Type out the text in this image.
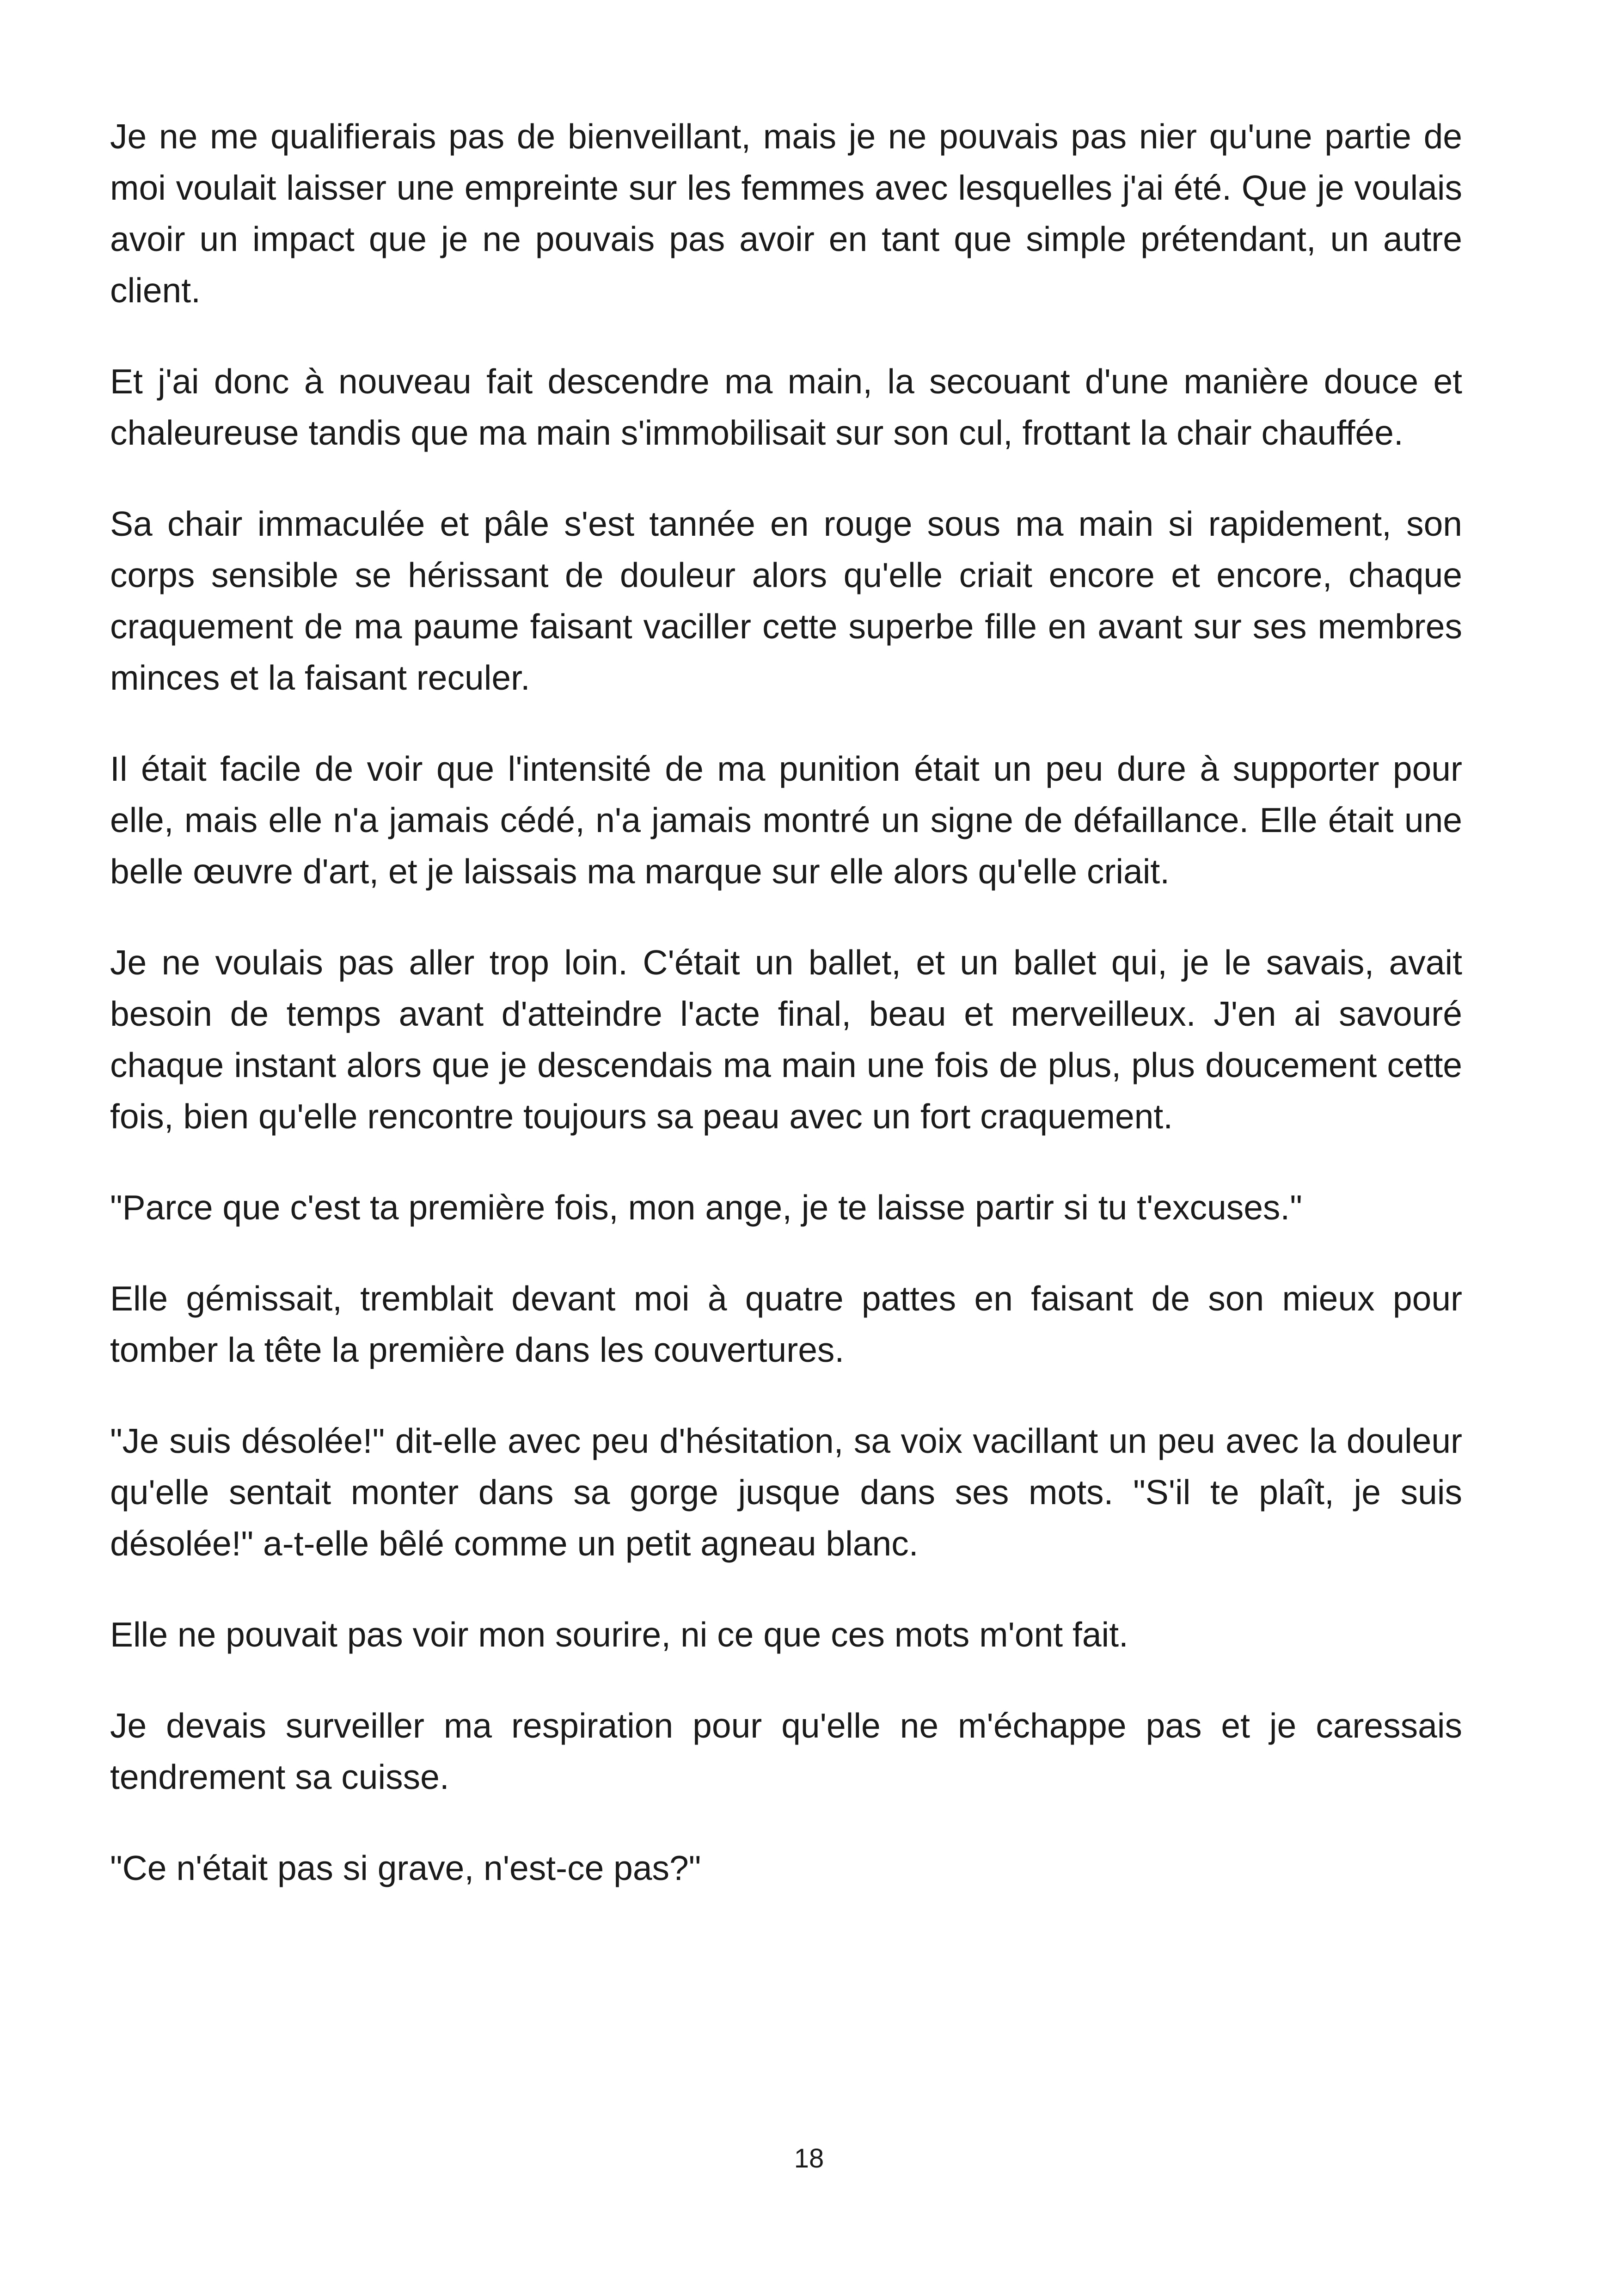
Je ne me qualifierais pas de bienveillant, mais je ne pouvais pas nier qu'une partie de moi voulait laisser une empreinte sur les femmes avec lesquelles j'ai été. Que je voulais avoir un impact que je ne pouvais pas avoir en tant que simple prétendant, un autre client.

Et j'ai donc à nouveau fait descendre ma main, la secouant d'une manière douce et chaleureuse tandis que ma main s'immobilisait sur son cul, frottant la chair chauffée.

Sa chair immaculée et pâle s'est tannée en rouge sous ma main si rapidement, son corps sensible se hérissant de douleur alors qu'elle criait encore et encore, chaque craquement de ma paume faisant vaciller cette superbe fille en avant sur ses membres minces et la faisant reculer.

Il était facile de voir que l'intensité de ma punition était un peu dure à supporter pour elle, mais elle n'a jamais cédé, n'a jamais montré un signe de défaillance. Elle était une belle œuvre d'art, et je laissais ma marque sur elle alors qu'elle criait.

Je ne voulais pas aller trop loin. C'était un ballet, et un ballet qui, je le savais, avait besoin de temps avant d'atteindre l'acte final, beau et merveilleux. J'en ai savouré chaque instant alors que je descendais ma main une fois de plus, plus doucement cette fois, bien qu'elle rencontre toujours sa peau avec un fort craquement.

"Parce que c'est ta première fois, mon ange, je te laisse partir si tu t'excuses."

Elle gémissait, tremblait devant moi à quatre pattes en faisant de son mieux pour tomber la tête la première dans les couvertures.

"Je suis désolée!" dit-elle avec peu d'hésitation, sa voix vacillant un peu avec la douleur qu'elle sentait monter dans sa gorge jusque dans ses mots. "S'il te plaît, je suis désolée!" a-t-elle bêlé comme un petit agneau blanc.

Elle ne pouvait pas voir mon sourire, ni ce que ces mots m'ont fait.

Je devais surveiller ma respiration pour qu'elle ne m'échappe pas et je caressais tendrement sa cuisse.

"Ce n'était pas si grave, n'est-ce pas?"

18
